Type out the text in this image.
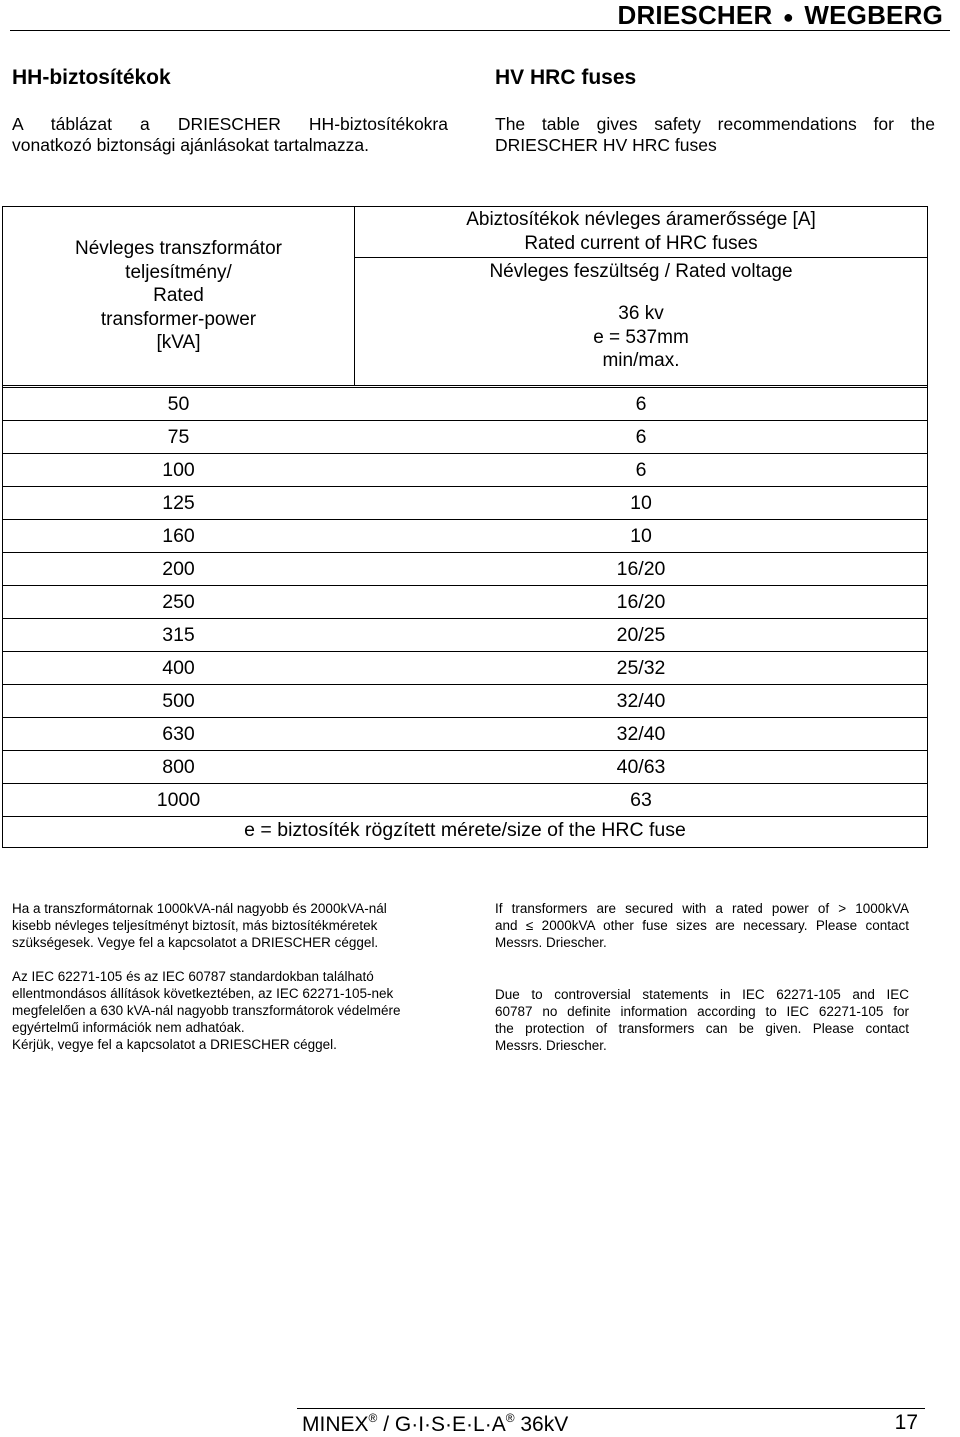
DRIESCHER ● WEGBERG
HH-biztosítékok	HV HRC fuses
A táblázat a DRIESCHER HH-biztosítékokra
vonatkozó biztonsági ajánlásokat tartalmazza.
The table gives safety recommendations for the
DRIESCHER HV HRC fuses
Névleges transzformátor
teljesítmény/
Rated
transformer-power
[kVA]
Abiztosítékok névleges áramerőssége [A]
Rated current of HRC fuses
Névleges feszültség / Rated voltage
36 kv
e = 537mm
min/max.
50	6
75	6
100	6
125	10
160	10
200	16/20
250	16/20
315	20/25
400	25/32
500	32/40
630	32/40
800	40/63
1000	63
e = biztosíték rögzített mérete/size of the HRC fuse
Ha a transzformátornak 1000kVA-nál nagyobb és 2000kVA-nál
kisebb névleges teljesítményt biztosít, más biztosítékméretek
szükségesek. Vegye fel a kapcsolatot a DRIESCHER céggel.
Az IEC 62271-105 és az IEC 60787 standardokban található
ellentmondásos állítások következtében, az IEC 62271-105-nek
megfelelően a 630 kVA-nál nagyobb transzformátorok védelmére
egyértelmű információk nem adhatóak.
Kérjük, vegye fel a kapcsolatot a DRIESCHER céggel.
If transformers are secured with a rated power of > 1000kVA
and ≤ 2000kVA other fuse sizes are necessary. Please contact
Messrs. Driescher.
Due to controversial statements in IEC 62271-105 and IEC
60787 no definite information according to IEC 62271-105 for
the protection of transformers can be given. Please contact
Messrs. Driescher.
MINEX® / G·I·S·E·L·A® 36kV	17
